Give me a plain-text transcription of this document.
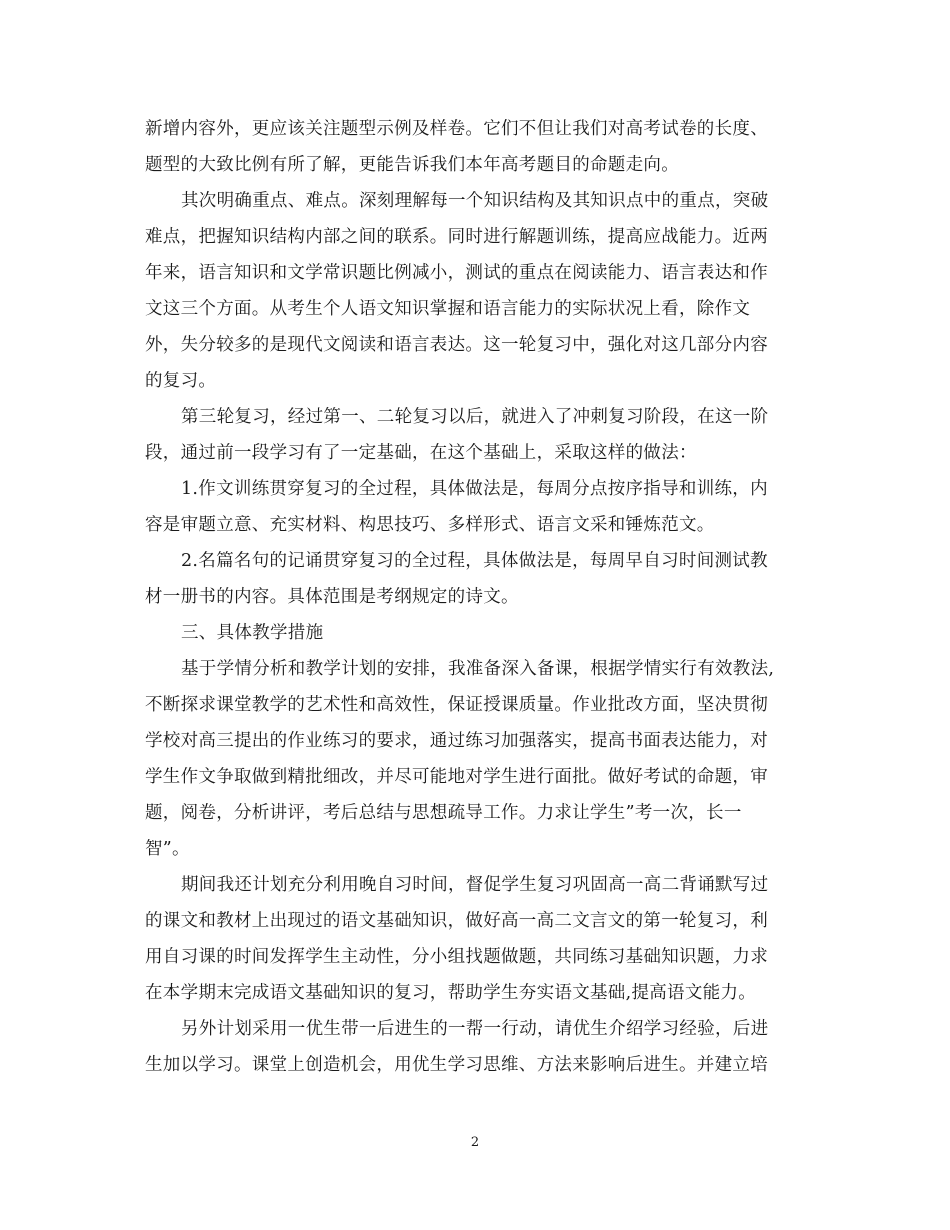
新增内容外，更应该关注题型示例及样卷。它们不但让我们对高考试卷的长度、
题型的大致比例有所了解，更能告诉我们本年高考题目的命题走向。
其次明确重点、难点。深刻理解每一个知识结构及其知识点中的重点，突破
难点，把握知识结构内部之间的联系。同时进行解题训练，提高应战能力。近两
年来，语言知识和文学常识题比例减小，测试的重点在阅读能力、语言表达和作
文这三个方面。从考生个人语文知识掌握和语言能力的实际状况上看，除作文
外，失分较多的是现代文阅读和语言表达。这一轮复习中，强化对这几部分内容
的复习。
第三轮复习，经过第一、二轮复习以后，就进入了冲刺复习阶段，在这一阶
段，通过前一段学习有了一定基础，在这个基础上，采取这样的做法：
1.作文训练贯穿复习的全过程，具体做法是，每周分点按序指导和训练，内
容是审题立意、充实材料、构思技巧、多样形式、语言文采和锤炼范文。
2.名篇名句的记诵贯穿复习的全过程，具体做法是，每周早自习时间测试教
材一册书的内容。具体范围是考纲规定的诗文。
三、具体教学措施
基于学情分析和教学计划的安排，我准备深入备课，根据学情实行有效教法,
不断探求课堂教学的艺术性和高效性，保证授课质量。作业批改方面，坚决贯彻
学校对高三提出的作业练习的要求，通过练习加强落实，提高书面表达能力，对
学生作文争取做到精批细改，并尽可能地对学生进行面批。做好考试的命题，审
题，阅卷，分析讲评，考后总结与思想疏导工作。力求让学生”考一次，长一
智”。
期间我还计划充分利用晚自习时间，督促学生复习巩固高一高二背诵默写过
的课文和教材上出现过的语文基础知识，做好高一高二文言文的第一轮复习，利
用自习课的时间发挥学生主动性，分小组找题做题，共同练习基础知识题，力求
在本学期末完成语文基础知识的复习，帮助学生夯实语文基础,提高语文能力。
另外计划采用一优生带一后进生的一帮一行动，请优生介绍学习经验，后进
生加以学习。课堂上创造机会，用优生学习思维、方法来影响后进生。并建立培
2
